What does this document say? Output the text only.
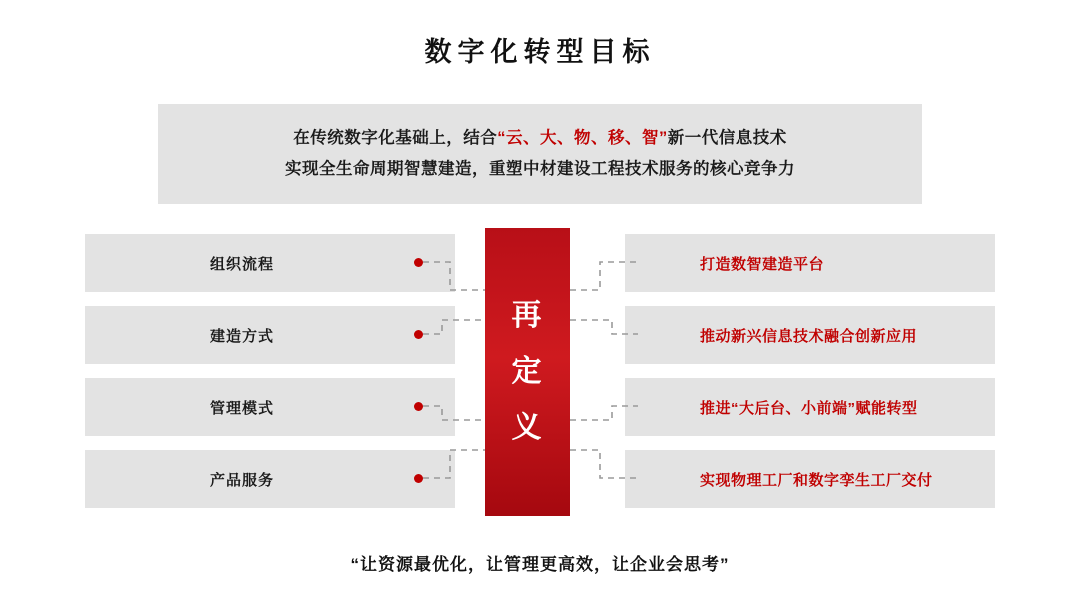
数字化转型目标
在传统数字化基础上，结合“云、大、物、移、智”新一代信息技术
实现全生命周期智慧建造，重塑中材建设工程技术服务的核心竞争力
再
定
义
组织流程	打造数智建造平台
建造方式	推动新兴信息技术融合创新应用
管理模式	推进“大后台、小前端”赋能转型
产品服务	实现物理工厂和数字孪生工厂交付
“让资源最优化，让管理更高效，让企业会思考”
